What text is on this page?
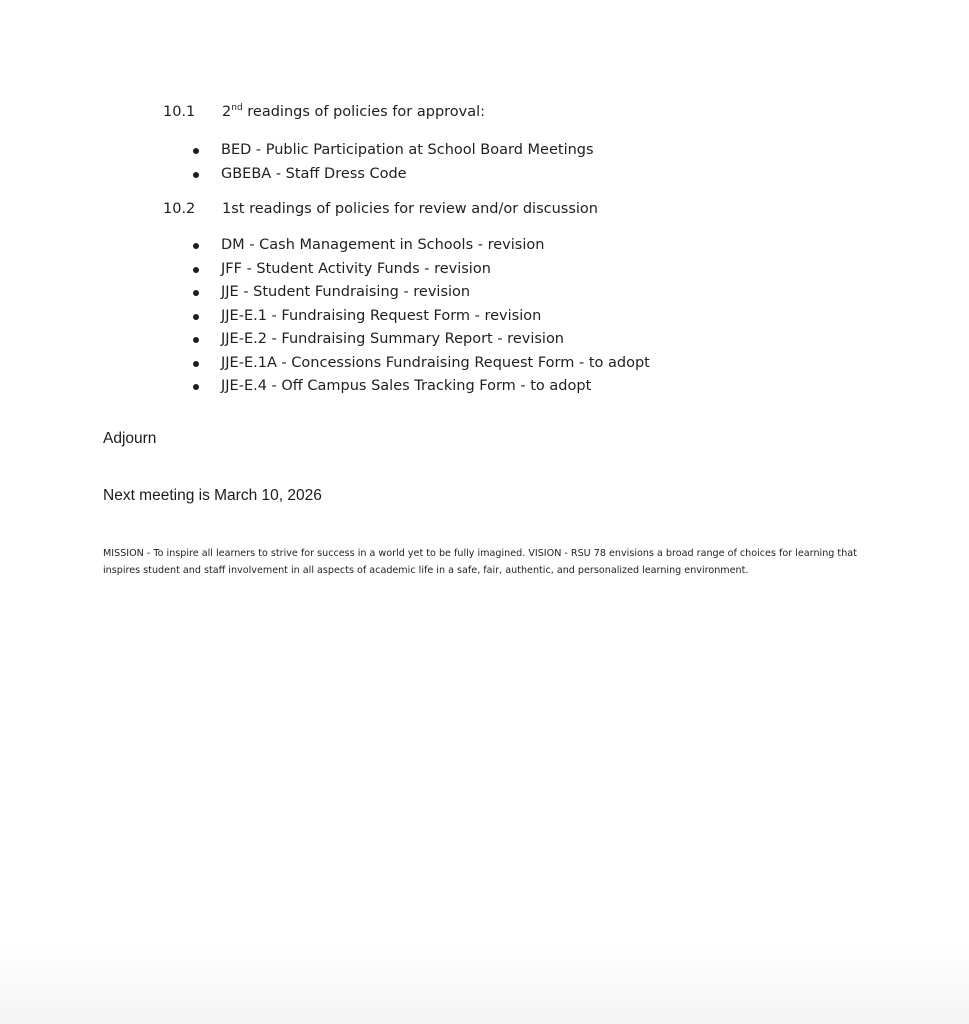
10.1 2nd readings of policies for approval:
BED - Public Participation at School Board Meetings
GBEBA - Staff Dress Code
10.2 1st readings of policies for review and/or discussion
DM - Cash Management in Schools - revision
JFF - Student Activity Funds - revision
JJE - Student Fundraising - revision
JJE-E.1 - Fundraising Request Form - revision
JJE-E.2 - Fundraising Summary Report - revision
JJE-E.1A - Concessions Fundraising Request Form - to adopt
JJE-E.4 - Off Campus Sales Tracking Form - to adopt
Adjourn
Next meeting is March 10, 2026
MISSION - To inspire all learners to strive for success in a world yet to be fully imagined. VISION - RSU 78 envisions a broad range of choices for learning that inspires student and staff involvement in all aspects of academic life in a safe, fair, authentic, and personalized learning environment.
